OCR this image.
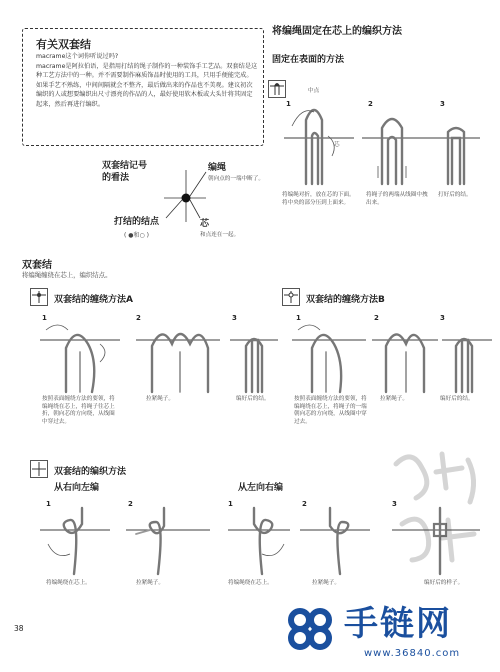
有关双套结
macrame这个词你听说过吗?
macrame是阿拉伯语，是指用打结的绳子制作的一种装饰手工艺品。双套结是这种工艺方法中的一种。并不需要制作麻质饰品时使用的工具，只用手便能完成。如果手艺不熟练，中间间隔就会不整齐，最后做出来的作品也不美观。建议初次编织的人或想要编织出尺寸漂亮的作品的人，最好使用软木板或大头针将其固定起来，然后再进行编织。
将编绳固定在芯上的编织方法
固定在表面的方法
中点
芯
1	2	3
将编绳对折，放在芯的下面。将中央的部分压到上面来。
将绳子的两端从线圈中拽出来。
打好后的结。
双套结记号
的看法
编绳
朝向点的一端中断了。
打结的结点
( ●和○ )
芯
和点连在一起。
双套结
将编绳缠绕在芯上，编织结点。
双套结的缠绕方法A
1	2	3
按照表面缠绕方法的要领，将编绳绕在芯上，将绳子往芯上折，朝向芯的方向绕，从线圈中穿过去。
拉紧绳子。	编好后的结。
双套结的缠绕方法B
1	2	3
按照表面缠绕方法的要领，将编绳绕在芯上，将绳子的一端朝向芯的方向绕，从线圈中穿过去。
拉紧绳子。	编好后的结。
双套结的编织方法
从右向左编	从左向右编
1	2	1	2	3
将编绳绕在芯上。	拉紧绳子。	将编绳绕在芯上。	拉紧绳子。	编好后的样子。
38	手链网
www.36840.com
